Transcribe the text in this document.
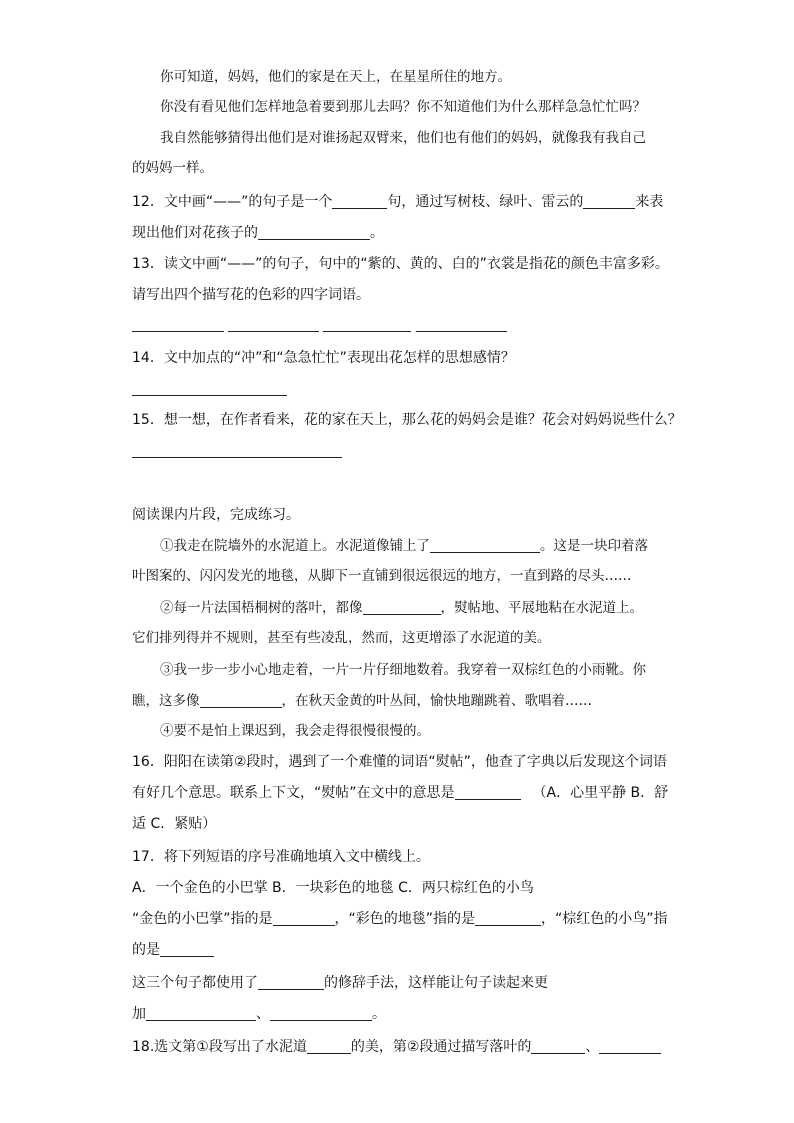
你可知道，妈妈，他们的家是在天上，在星星所住的地方。
你没有看见他们怎样地急着要到那儿去吗？你不知道他们为什么那样急急忙忙吗？
我自然能够猜得出他们是对谁扬起双臂来，他们也有他们的妈妈，就像我有我自己
的妈妈一样。
12．文中画“——”的句子是一个	句，通过写树枝、绿叶、雷云的	来表
现出他们对花孩子的	。
13．读文中画“——”的句子，句中的“紫的、黄的、白的”衣裳是指花的颜色丰富多彩。
请写出四个描写花的色彩的四字词语。
14．文中加点的“冲”和“急急忙忙”表现出花怎样的思想感情？
15．想一想，在作者看来，花的家在天上，那么花的妈妈会是谁？花会对妈妈说些什么？
阅读课内片段，完成练习。
①我走在院墙外的水泥道上。水泥道像铺上了	。这是一块印着落
叶图案的、闪闪发光的地毯，从脚下一直铺到很远很远的地方，一直到路的尽头……
②每一片法国梧桐树的落叶，都像	，熨帖地、平展地粘在水泥道上。
它们排列得并不规则，甚至有些凌乱，然而，这更增添了水泥道的美。
③我一步一步小心地走着，一片一片仔细地数着。我穿着一双棕红色的小雨靴。你
瞧，这多像	，在秋天金黄的叶丛间，愉快地蹦跳着、歌唱着……
④要不是怕上课迟到，我会走得很慢很慢的。
16．阳阳在读第②段时，遇到了一个难懂的词语“熨帖”，他查了字典以后发现这个词语
有好几个意思。联系上下文，“熨帖”在文中的意思是	（A．心里平静 B．舒
适 C．紧贴）
17．将下列短语的序号准确地填入文中横线上。
A．一个金色的小巴掌 B．一块彩色的地毯 C．两只棕红色的小鸟
“金色的小巴掌”指的是	，“彩色的地毯”指的是	，“棕红色的小鸟”指
的是
这三个句子都使用了	的修辞手法，这样能让句子读起来更
加	、	。
18.选文第①段写出了水泥道	的美，第②段通过描写落叶的	、
